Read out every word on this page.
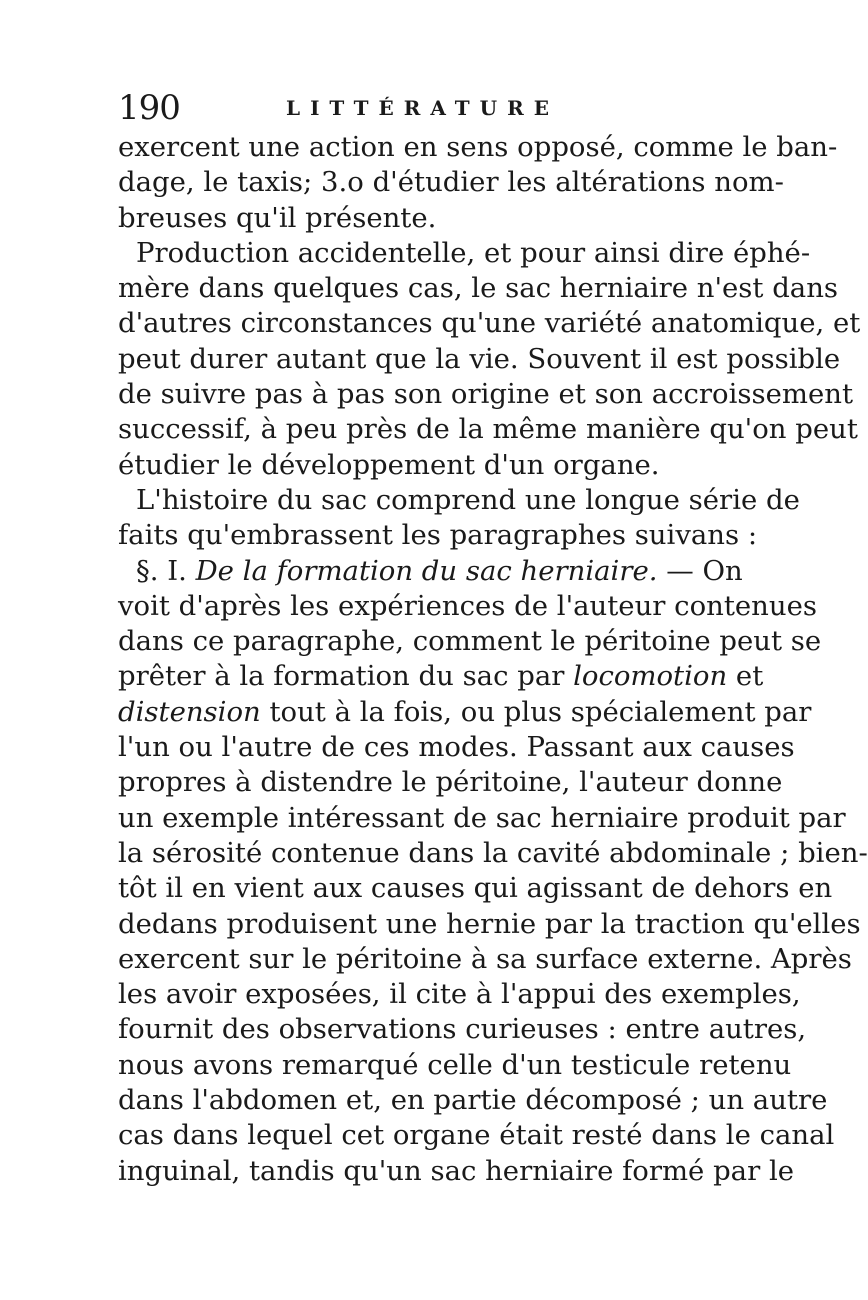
190	LITTÉRATURE
exercent une action en sens opposé, comme le ban-
dage, le taxis; 3.o d'étudier les altérations nom-
breuses qu'il présente.
Production accidentelle, et pour ainsi dire éphé-
mère dans quelques cas, le sac herniaire n'est dans
d'autres circonstances qu'une variété anatomique, et
peut durer autant que la vie. Souvent il est possible
de suivre pas à pas son origine et son accroissement
successif, à peu près de la même manière qu'on peut
étudier le développement d'un organe.
L'histoire du sac comprend une longue série de
faits qu'embrassent les paragraphes suivans :
§. I. De la formation du sac herniaire. — On
voit d'après les expériences de l'auteur contenues
dans ce paragraphe, comment le péritoine peut se
prêter à la formation du sac par locomotion et
distension tout à la fois, ou plus spécialement par
l'un ou l'autre de ces modes. Passant aux causes
propres à distendre le péritoine, l'auteur donne
un exemple intéressant de sac herniaire produit par
la sérosité contenue dans la cavité abdominale ; bien-
tôt il en vient aux causes qui agissant de dehors en
dedans produisent une hernie par la traction qu'elles
exercent sur le péritoine à sa surface externe. Après
les avoir exposées, il cite à l'appui des exemples,
fournit des observations curieuses : entre autres,
nous avons remarqué celle d'un testicule retenu
dans l'abdomen et, en partie décomposé ; un autre
cas dans lequel cet organe était resté dans le canal
inguinal, tandis qu'un sac herniaire formé par le
